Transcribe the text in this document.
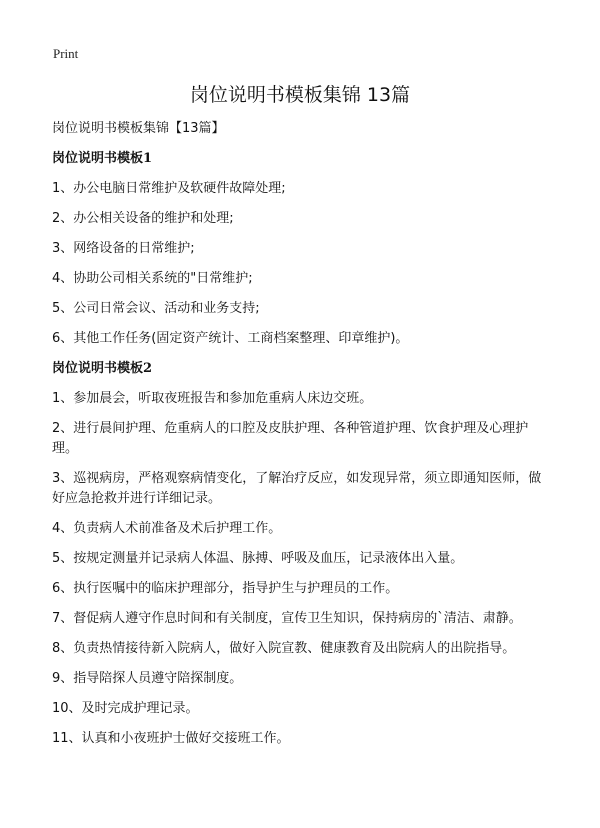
Print
岗位说明书模板集锦 13篇

岗位说明书模板集锦【13篇】

岗位说明书模板1

1、办公电脑日常维护及软硬件故障处理;

2、办公相关设备的维护和处理;

3、网络设备的日常维护;

4、协助公司相关系统的"日常维护;

5、公司日常会议、活动和业务支持;

6、其他工作任务(固定资产统计、工商档案整理、印章维护)。

岗位说明书模板2

1、参加晨会，听取夜班报告和参加危重病人床边交班。

2、进行晨间护理、危重病人的口腔及皮肤护理、各种管道护理、饮食护理及心理护理。

3、巡视病房，严格观察病情变化，了解治疗反应，如发现异常，须立即通知医师，做好应急抢救并进行详细记录。

4、负责病人术前准备及术后护理工作。

5、按规定测量并记录病人体温、脉搏、呼吸及血压，记录液体出入量。

6、执行医嘱中的临床护理部分，指导护生与护理员的工作。

7、督促病人遵守作息时间和有关制度，宣传卫生知识，保持病房的`清洁、肃静。

8、负责热情接待新入院病人，做好入院宣教、健康教育及出院病人的出院指导。

9、指导陪探人员遵守陪探制度。

10、及时完成护理记录。

11、认真和小夜班护士做好交接班工作。
